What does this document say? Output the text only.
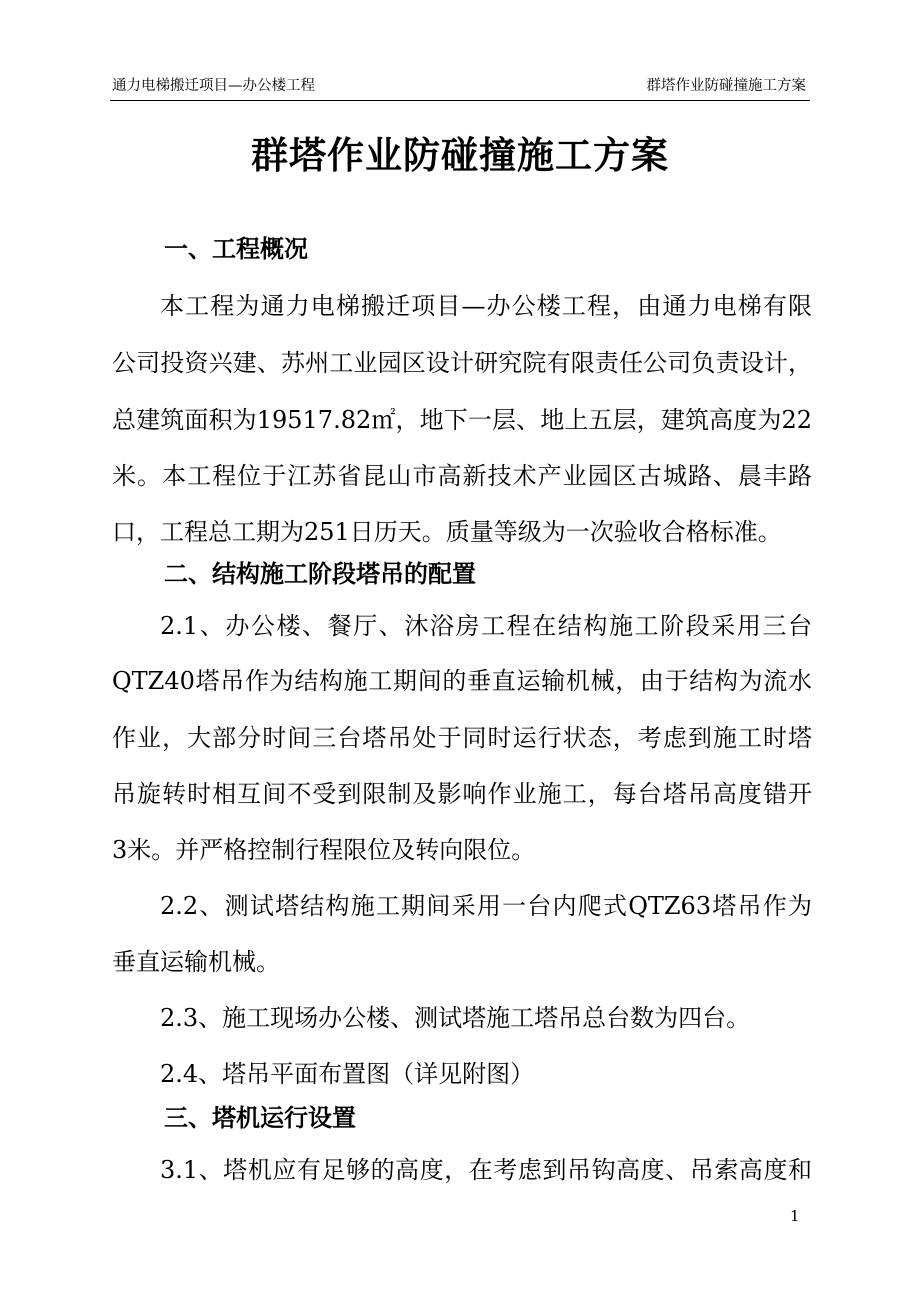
通力电梯搬迁项目—办公楼工程	群塔作业防碰撞施工方案
群塔作业防碰撞施工方案
一、工程概况
本工程为通力电梯搬迁项目—办公楼工程，由通力电梯有限
公司投资兴建、苏州工业园区设计研究院有限责任公司负责设计，
总建筑面积为19517.82㎡，地下一层、地上五层，建筑高度为22
米。本工程位于江苏省昆山市高新技术产业园区古城路、晨丰路
口，工程总工期为251日历天。质量等级为一次验收合格标准。
二、结构施工阶段塔吊的配置
2.1、办公楼、餐厅、沐浴房工程在结构施工阶段采用三台
QTZ40塔吊作为结构施工期间的垂直运输机械，由于结构为流水
作业，大部分时间三台塔吊处于同时运行状态，考虑到施工时塔
吊旋转时相互间不受到限制及影响作业施工，每台塔吊高度错开
3米。并严格控制行程限位及转向限位。
2.2、测试塔结构施工期间采用一台内爬式QTZ63塔吊作为
垂直运输机械。
2.3、施工现场办公楼、测试塔施工塔吊总台数为四台。
2.4、塔吊平面布置图（详见附图）
三、塔机运行设置
3.1、塔机应有足够的高度，在考虑到吊钩高度、吊索高度和
1
